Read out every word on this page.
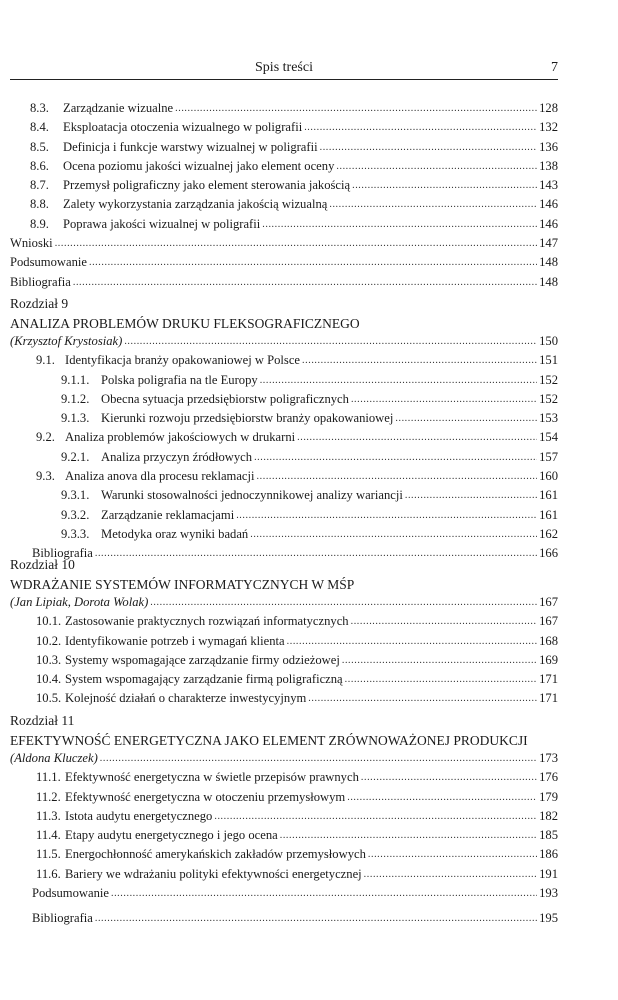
Spis treści	7
8.3.	Zarządzanie wizualne .....	128
8.4.	Eksploatacja otoczenia wizualnego w poligrafii .....	132
8.5.	Definicja i funkcje warstwy wizualnej w poligrafii .....	136
8.6.	Ocena poziomu jakości wizualnej jako element oceny .....	138
8.7.	Przemysł poligraficzny jako element sterowania jakością .....	143
8.8.	Zalety wykorzystania zarządzania jakością wizualną .....	146
8.9.	Poprawa jakości wizualnej w poligrafii .....	146
Wnioski .....	147
Podsumowanie .....	148
Bibliografia .....	148
Rozdział 9
ANALIZA PROBLEMÓW DRUKU FLEKSOGRAFICZNEGO
(Krzysztof Krystosiak) .....	150
9.1. Identyfikacja branży opakowaniowej w Polsce .....	151
9.1.1. Polska poligrafia na tle Europy .....	152
9.1.2. Obecna sytuacja przedsiębiorstw poligraficznych .....	152
9.1.3. Kierunki rozwoju przedsiębiorstw branży opakowaniowej .....	153
9.2. Analiza problemów jakościowych w drukarni .....	154
9.2.1. Analiza przyczyn źródłowych .....	157
9.3. Analiza anova dla procesu reklamacji .....	160
9.3.1. Warunki stosowalności jednoczynnikowej analizy wariancji .....	161
9.3.2. Zarządzanie reklamacjami .....	161
9.3.3. Metodyka oraz wyniki badań .....	162
Bibliografia .....	166
Rozdział 10
WDRAŻANIE SYSTEMÓW INFORMATYCZNYCH W MŚP
(Jan Lipiak, Dorota Wolak) .....	167
10.1. Zastosowanie praktycznych rozwiązań informatycznych .....	167
10.2. Identyfikowanie potrzeb i wymagań klienta .....	168
10.3. Systemy wspomagające zarządzanie firmy odzieżowej .....	169
10.4. System wspomagający zarządzanie firmą poligraficzną .....	171
10.5. Kolejność działań o charakterze inwestycyjnym .....	171
Rozdział 11
EFEKTYWNOŚĆ ENERGETYCZNA JAKO ELEMENT ZRÓWNOWAŻONEJ PRODUKCJI
(Aldona Kluczek) .....	173
11.1. Efektywność energetyczna w świetle przepisów prawnych .....	176
11.2. Efektywność energetyczna w otoczeniu przemysłowym .....	179
11.3. Istota audytu energetycznego .....	182
11.4. Etapy audytu energetycznego i jego ocena .....	185
11.5. Energochłonność amerykańskich zakładów przemysłowych .....	186
11.6. Bariery we wdrażaniu polityki efektywności energetycznej .....	191
Podsumowanie .....	193
Bibliografia .....	195
